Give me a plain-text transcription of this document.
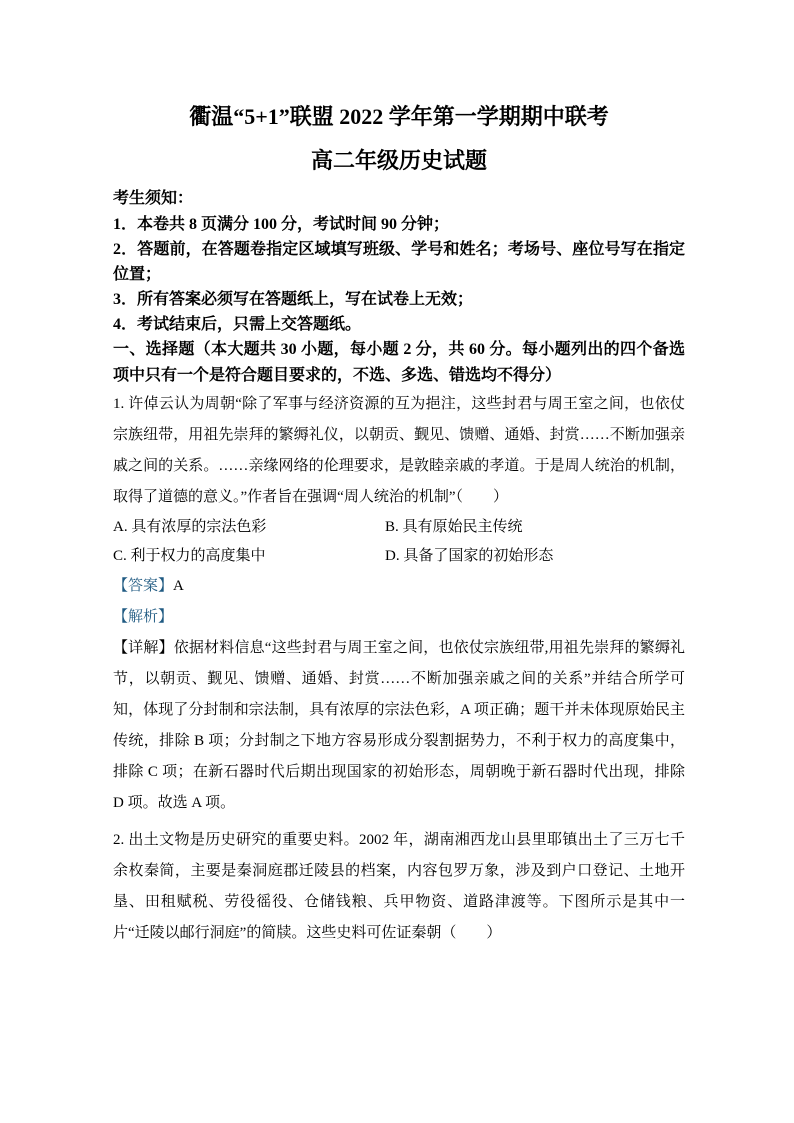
衢温“5+1”联盟 2022 学年第一学期期中联考
高二年级历史试题

考生须知：

1．本卷共 8 页满分 100 分，考试时间 90 分钟；

2．答题前，在答题卷指定区域填写班级、学号和姓名；考场号、座位号写在指定位置；

3．所有答案必须写在答题纸上，写在试卷上无效；

4．考试结束后，只需上交答题纸。

一、选择题（本大题共 30 小题，每小题 2 分，共 60 分。每小题列出的四个备选项中只有一个是符合题目要求的，不选、多选、错选均不得分）

1. 许倬云认为周朝“除了军事与经济资源的互为挹注，这些封君与周王室之间，也依仗宗族纽带，用祖先崇拜的繁缛礼仪，以朝贡、觐见、馈赠、通婚、封赏……不断加强亲戚之间的关系。……亲缘网络的伦理要求，是敦睦亲戚的孝道。于是周人统治的机制，取得了道德的意义。”作者旨在强调“周人统治的机制”（　　）

A. 具有浓厚的宗法色彩	B. 具有原始民主传统
C. 利于权力的高度集中	D. 具备了国家的初始形态

【答案】A

【解析】

【详解】依据材料信息“这些封君与周王室之间，也依仗宗族纽带,用祖先崇拜的繁缛礼节，以朝贡、觐见、馈赠、通婚、封赏……不断加强亲戚之间的关系”并结合所学可知，体现了分封制和宗法制，具有浓厚的宗法色彩，A 项正确；题干并未体现原始民主传统，排除 B 项；分封制之下地方容易形成分裂割据势力，不利于权力的高度集中，排除 C 项；在新石器时代后期出现国家的初始形态，周朝晚于新石器时代出现，排除 D 项。故选 A 项。

2. 出土文物是历史研究的重要史料。2002 年，湖南湘西龙山县里耶镇出土了三万七千余枚秦简，主要是秦洞庭郡迁陵县的档案，内容包罗万象，涉及到户口登记、土地开垦、田租赋税、劳役徭役、仓储钱粮、兵甲物资、道路津渡等。下图所示是其中一片“迁陵以邮行洞庭”的简牍。这些史料可佐证秦朝（　　）
